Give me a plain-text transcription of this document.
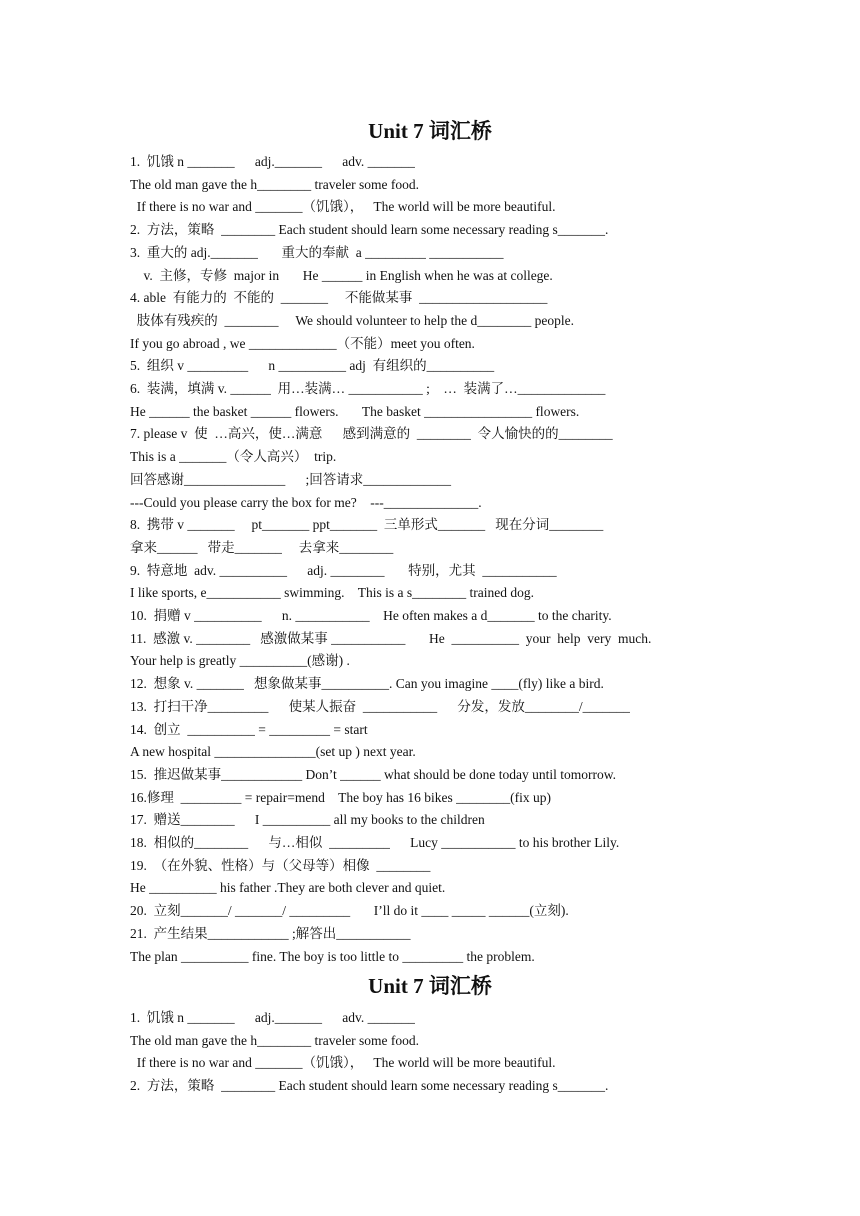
Unit 7 词汇桥
1.  饥饿 n _______      adj._______      adv. _______
The old man gave the h________ traveler some food.
If there is no war and _______（饥饿），   The world will be more beautiful.
2.  方法，策略  ________ Each student should learn some necessary reading s_______.
3.  重大的 adj._______       重大的奉献  a _________ ___________
v.  主修，专修  major in       He ______ in English when he was at college.
4. able  有能力的  不能的  _______     不能做某事  ___________________
肢体有残疾的  ________     We should volunteer to help the d________ people.
If you go abroad , we _____________（不能）meet you often.
5.  组织 v _________      n __________ adj  有组织的__________
6.  装满，填满 v. ______  用…装满… ___________ ;    …  装满了…_____________
He ______ the basket ______ flowers.       The basket ________________ flowers.
7. please v  使  …高兴，使…满意      感到满意的  ________  令人愉快的的________
This is a _______（令人高兴）  trip.
回答感谢_______________      ;回答请求_____________
---Could you please carry the box for me?    ---______________.
8.  携带 v _______     pt_______ ppt_______  三单形式_______   现在分词________
拿来______   带走_______     去拿来________
9.  特意地  adv. __________      adj. ________       特别，尤其  ___________
I like sports, e___________ swimming.    This is a s________ trained dog.
10.  捐赠 v __________      n. ___________    He often makes a d_______ to the charity.
11.  感激 v. ________   感激做某事 ___________       He  __________  your  help  very  much.
Your help is greatly __________(感谢) .
12.  想象 v. _______   想象做某事__________. Can you imagine ____(fly) like a bird.
13.  打扫干净_________      使某人振奋  ___________      分发，发放________/_______
14.  创立  __________ = _________ = start
A new hospital _______________(set up ) next year.
15.  推迟做某事____________ Don’t ______ what should be done today until tomorrow.
16.修理  _________ = repair=mend    The boy has 16 bikes ________(fix up)
17.  赠送________      I __________ all my books to the children
18.  相似的________      与…相似  _________      Lucy ___________ to his brother Lily.
19.  （在外貌、性格）与（父母等）相像  ________
He __________ his father .They are both clever and quiet.
20.  立刻_______/ _______/ _________       I’ll do it ____ _____ ______(立刻).
21.  产生结果____________ ;解答出___________
The plan __________ fine. The boy is too little to _________ the problem.
Unit 7 词汇桥
1.  饥饿 n _______      adj._______      adv. _______
The old man gave the h________ traveler some food.
If there is no war and _______（饥饿），   The world will be more beautiful.
2.  方法，策略  ________ Each student should learn some necessary reading s_______.
